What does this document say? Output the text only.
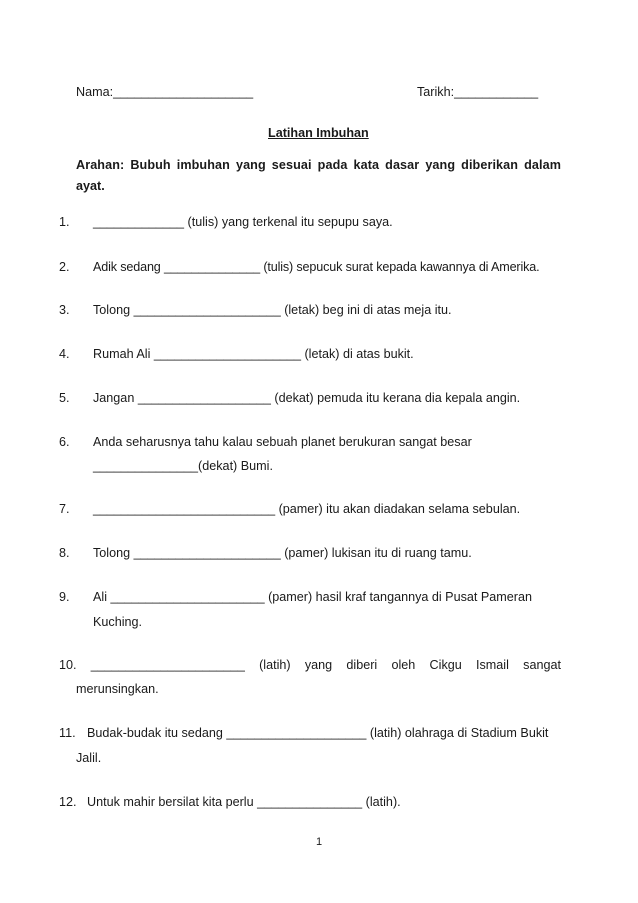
Nama:____________________	Tarikh:____________
Latihan Imbuhan
Arahan: Bubuh imbuhan yang sesuai pada kata dasar yang diberikan dalam
ayat.
1. _____________ (tulis) yang terkenal itu sepupu saya.
2. Adik sedang ______________ (tulis) sepucuk surat kepada kawannya di Amerika.
3. Tolong _____________________ (letak) beg ini di atas meja itu.
4. Rumah Ali _____________________ (letak) di atas bukit.
5. Jangan ___________________ (dekat) pemuda itu kerana dia kepala angin.
6. Anda seharusnya tahu kalau sebuah planet berukuran sangat besar
_______________(dekat) Bumi.
7. __________________________ (pamer) itu akan diadakan selama sebulan.
8. Tolong _____________________ (pamer) lukisan itu di ruang tamu.
9. Ali ______________________ (pamer) hasil kraf tangannya di Pusat Pameran
Kuching.
10. ______________________ (latih) yang diberi oleh Cikgu Ismail sangat
merunsingkan.
11. Budak-budak itu sedang ____________________ (latih) olahraga di Stadium Bukit
Jalil.
12. Untuk mahir bersilat kita perlu _______________ (latih).
1
